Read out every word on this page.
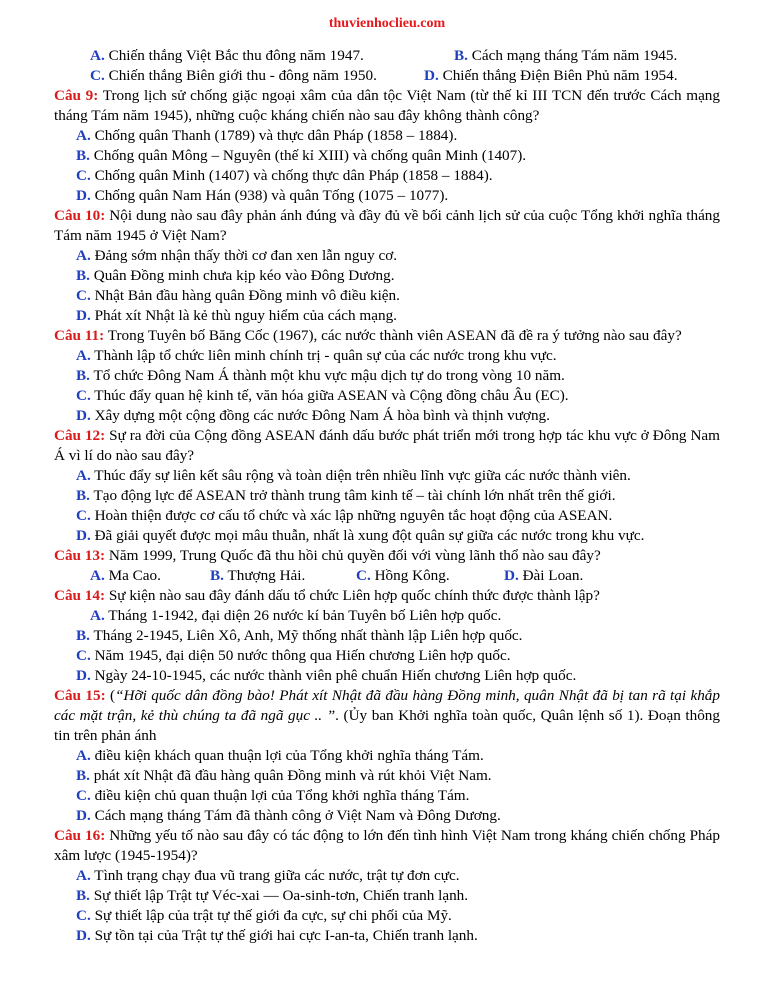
thuvienhoclieu.com
A. Chiến thắng Việt Bắc thu đông năm 1947.	B. Cách mạng tháng Tám năm 1945.
C. Chiến thắng Biên giới thu - đông năm 1950.	D. Chiến thắng Điện Biên Phủ năm 1954.
Câu 9: Trong lịch sử chống giặc ngoại xâm của dân tộc Việt Nam (từ thế kỉ III TCN đến trước Cách mạng tháng Tám năm 1945), những cuộc kháng chiến nào sau đây không thành công?
A. Chống quân Thanh (1789) và thực dân Pháp (1858 – 1884).
B. Chống quân Mông – Nguyên (thế kỉ XIII) và chống quân Minh (1407).
C. Chống quân Minh (1407) và chống thực dân Pháp (1858 – 1884).
D. Chống quân Nam Hán (938) và quân Tống (1075 – 1077).
Câu 10: Nội dung nào sau đây phản ánh đúng và đầy đủ về bối cảnh lịch sử của cuộc Tổng khởi nghĩa tháng Tám năm 1945 ở Việt Nam?
A. Đảng sớm nhận thấy thời cơ đan xen lẫn nguy cơ.
B. Quân Đồng minh chưa kịp kéo vào Đông Dương.
C. Nhật Bản đầu hàng quân Đồng minh vô điều kiện.
D. Phát xít Nhật là kẻ thù nguy hiểm của cách mạng.
Câu 11: Trong Tuyên bố Băng Cốc (1967), các nước thành viên ASEAN đã đề ra ý tưởng nào sau đây?
A. Thành lập tổ chức liên minh chính trị - quân sự của các nước trong khu vực.
B. Tổ chức Đông Nam Á thành một khu vực mậu dịch tự do trong vòng 10 năm.
C. Thúc đẩy quan hệ kinh tế, văn hóa giữa ASEAN và Cộng đồng châu Âu (EC).
D. Xây dựng một cộng đồng các nước Đông Nam Á hòa bình và thịnh vượng.
Câu 12: Sự ra đời của Cộng đồng ASEAN đánh dấu bước phát triển mới trong hợp tác khu vực ở Đông Nam Á vì lí do nào sau đây?
A. Thúc đẩy sự liên kết sâu rộng và toàn diện trên nhiều lĩnh vực giữa các nước thành viên.
B. Tạo động lực để ASEAN trở thành trung tâm kinh tế – tài chính lớn nhất trên thế giới.
C. Hoàn thiện được cơ cấu tổ chức và xác lập những nguyên tắc hoạt động của ASEAN.
D. Đã giải quyết được mọi mâu thuẫn, nhất là xung đột quân sự giữa các nước trong khu vực.
Câu 13: Năm 1999, Trung Quốc đã thu hồi chủ quyền đối với vùng lãnh thổ nào sau đây?
A. Ma Cao.	B. Thượng Hải.	C. Hồng Kông.	D. Đài Loan.
Câu 14: Sự kiện nào sau đây đánh dấu tổ chức Liên hợp quốc chính thức được thành lập?
A. Tháng 1-1942, đại diện 26 nước kí bản Tuyên bố Liên hợp quốc.
B. Tháng 2-1945, Liên Xô, Anh, Mỹ thống nhất thành lập Liên hợp quốc.
C. Năm 1945, đại diện 50 nước thông qua Hiến chương Liên hợp quốc.
D. Ngày 24-10-1945, các nước thành viên phê chuẩn Hiến chương Liên hợp quốc.
Câu 15: (“Hỡi quốc dân đồng bào! Phát xít Nhật đã đầu hàng Đồng minh, quân Nhật đã bị tan rã tại khắp các mặt trận, kẻ thù chúng ta đã ngã gục .. ”. (Ủy ban Khởi nghĩa toàn quốc, Quân lệnh số 1). Đoạn thông tin trên phản ánh
A. điều kiện khách quan thuận lợi của Tổng khởi nghĩa tháng Tám.
B. phát xít Nhật đã đầu hàng quân Đồng minh và rút khỏi Việt Nam.
C. điều kiện chủ quan thuận lợi của Tổng khởi nghĩa tháng Tám.
D. Cách mạng tháng Tám đã thành công ở Việt Nam và Đông Dương.
Câu 16: Những yếu tố nào sau đây có tác động to lớn đến tình hình Việt Nam trong kháng chiến chống Pháp xâm lược (1945-1954)?
A. Tình trạng chạy đua vũ trang giữa các nước, trật tự đơn cực.
B. Sự thiết lập Trật tự Véc-xai — Oa-sinh-tơn, Chiến tranh lạnh.
C. Sự thiết lập của trật tự thế giới đa cực, sự chi phối của Mỹ.
D. Sự tồn tại của Trật tự thế giới hai cực I-an-ta, Chiến tranh lạnh.
